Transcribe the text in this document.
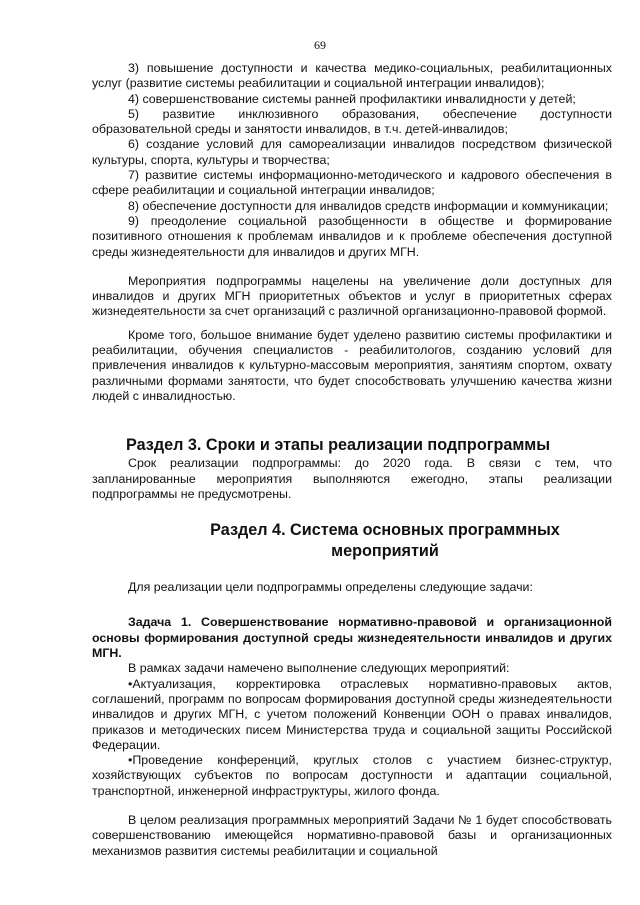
69

3) повышение доступности и качества медико-социальных, реабилитационных услуг (развитие системы реабилитации и социальной интеграции инвалидов);

4) совершенствование системы ранней профилактики инвалидности у детей;

5) развитие инклюзивного образования, обеспечение доступности образовательной среды и занятости инвалидов, в т.ч. детей-инвалидов;

6) создание условий для самореализации инвалидов посредством физической культуры, спорта, культуры и творчества;

7) развитие системы информационно-методического и кадрового обеспечения в сфере реабилитации и социальной интеграции инвалидов;

8) обеспечение доступности для инвалидов средств информации и коммуникации;

9) преодоление социальной разобщенности в обществе и формирование позитивного отношения к проблемам инвалидов и к проблеме обеспечения доступной среды жизнедеятельности для инвалидов и других МГН.

Мероприятия подпрограммы нацелены на увеличение доли доступных для инвалидов и других МГН приоритетных объектов и услуг в приоритетных сферах жизнедеятельности за счет организаций с различной организационно-правовой формой.

Кроме того, большое внимание будет уделено развитию системы профилактики и реабилитации, обучения специалистов - реабилитологов, созданию условий для привлечения инвалидов к культурно-массовым мероприятия, занятиям спортом, охвату различными формами занятости, что будет способствовать улучшению качества жизни людей с инвалидностью.

Раздел 3. Сроки и этапы реализации подпрограммы

Срок реализации подпрограммы: до 2020 года. В связи с тем, что запланированные мероприятия выполняются ежегодно, этапы реализации подпрограммы не предусмотрены.

Раздел 4. Система основных программных
мероприятий

Для реализации цели подпрограммы определены следующие задачи:

Задача 1. Совершенствование нормативно-правовой и организационной основы формирования доступной среды жизнедеятельности инвалидов и других МГН.

В рамках задачи намечено выполнение следующих мероприятий:

•Актуализация, корректировка отраслевых нормативно-правовых актов, соглашений, программ по вопросам формирования доступной среды жизнедеятельности инвалидов и других МГН, с учетом положений Конвенции ООН о правах инвалидов, приказов и методических писем Министерства труда и социальной защиты Российской Федерации.

•Проведение конференций, круглых столов с участием бизнес-структур, хозяйствующих субъектов по вопросам доступности и адаптации социальной, транспортной, инженерной инфраструктуры, жилого фонда.

В целом реализация программных мероприятий Задачи № 1 будет способствовать совершенствованию имеющейся нормативно-правовой базы и организационных механизмов развития системы реабилитации и социальной
